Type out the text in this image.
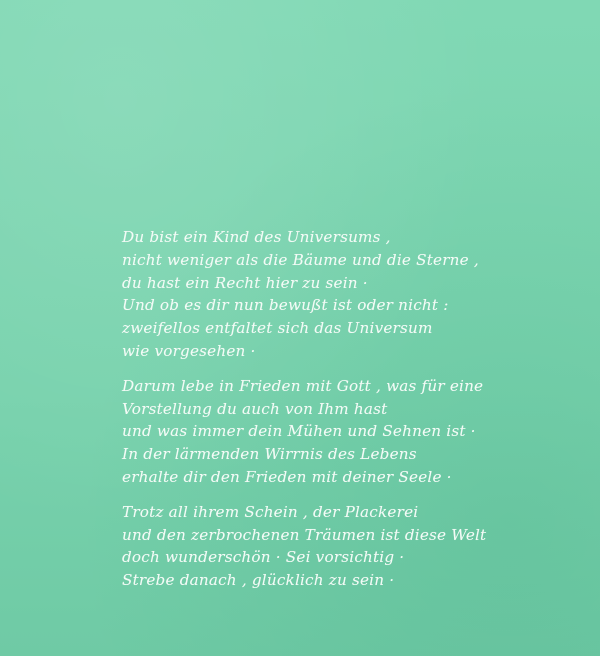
Du bist ein Kind des Universums ,
nicht weniger als die Bäume und die Sterne ,
du hast ein Recht hier zu sein ·
Und ob es dir nun bewußt ist oder nicht :
zweifellos entfaltet sich das Universum
wie vorgesehen ·
Darum lebe in Frieden mit Gott , was für eine
Vorstellung du auch von Ihm hast
und was immer dein Mühen und Sehnen ist ·
In der lärmenden Wirrnis des Lebens
erhalte dir den Frieden mit deiner Seele ·
Trotz all ihrem Schein , der Plackerei
und den zerbrochenen Träumen ist diese Welt
doch wunderschön · Sei vorsichtig ·
Strebe danach , glücklich zu sein ·
